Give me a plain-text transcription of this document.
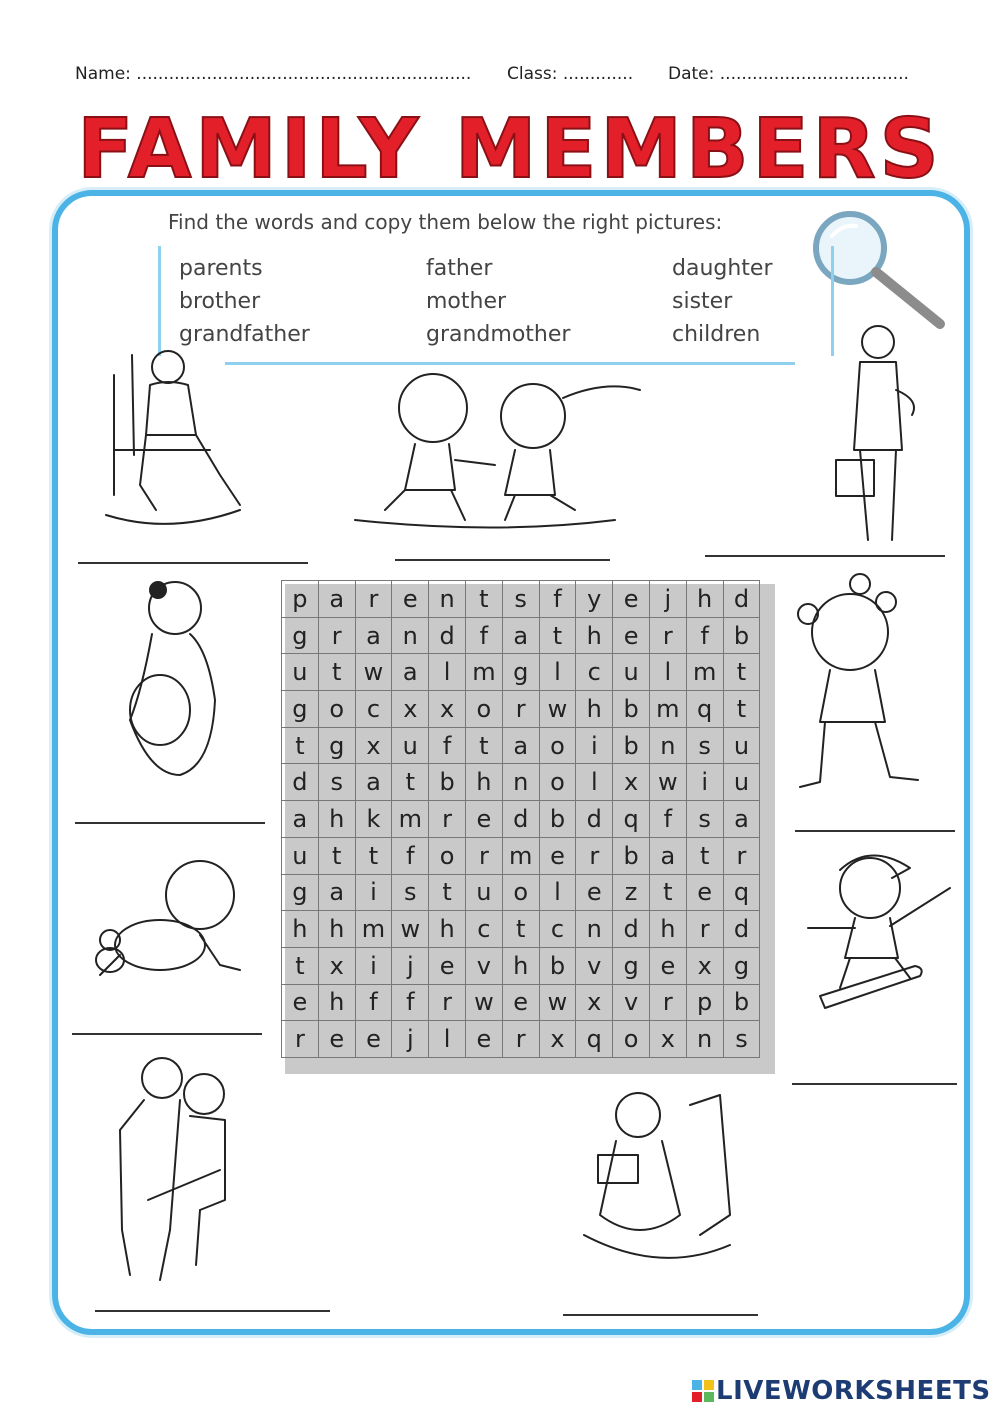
Name: .............................................................. Class: ............. Date: ...................................
FAMILY MEMBERS
Find the words and copy them below the right pictures:
parents
brother
grandfather
father
mother
grandmother
daughter
sister
children
p	a	r	e	n	t	s	f	y	e	j	h	d
g	r	a	n	d	f	a	t	h	e	r	f	b
u	t	w	a	l	m	g	l	c	u	l	m	t
g	o	c	x	x	o	r	w	h	b	m	q	t
t	g	x	u	f	t	a	o	i	b	n	s	u
d	s	a	t	b	h	n	o	l	x	w	i	u
a	h	k	m	r	e	d	b	d	q	f	s	a
u	t	t	f	o	r	m	e	r	b	a	t	r
g	a	i	s	t	u	o	l	e	z	t	e	q
h	h	m	w	h	c	t	c	n	d	h	r	d
t	x	i	j	e	v	h	b	v	g	e	x	g
e	h	f	f	r	w	e	w	x	v	r	p	b
r	e	e	j	l	e	r	x	q	o	x	n	s
LIVEWORKSHEETS
